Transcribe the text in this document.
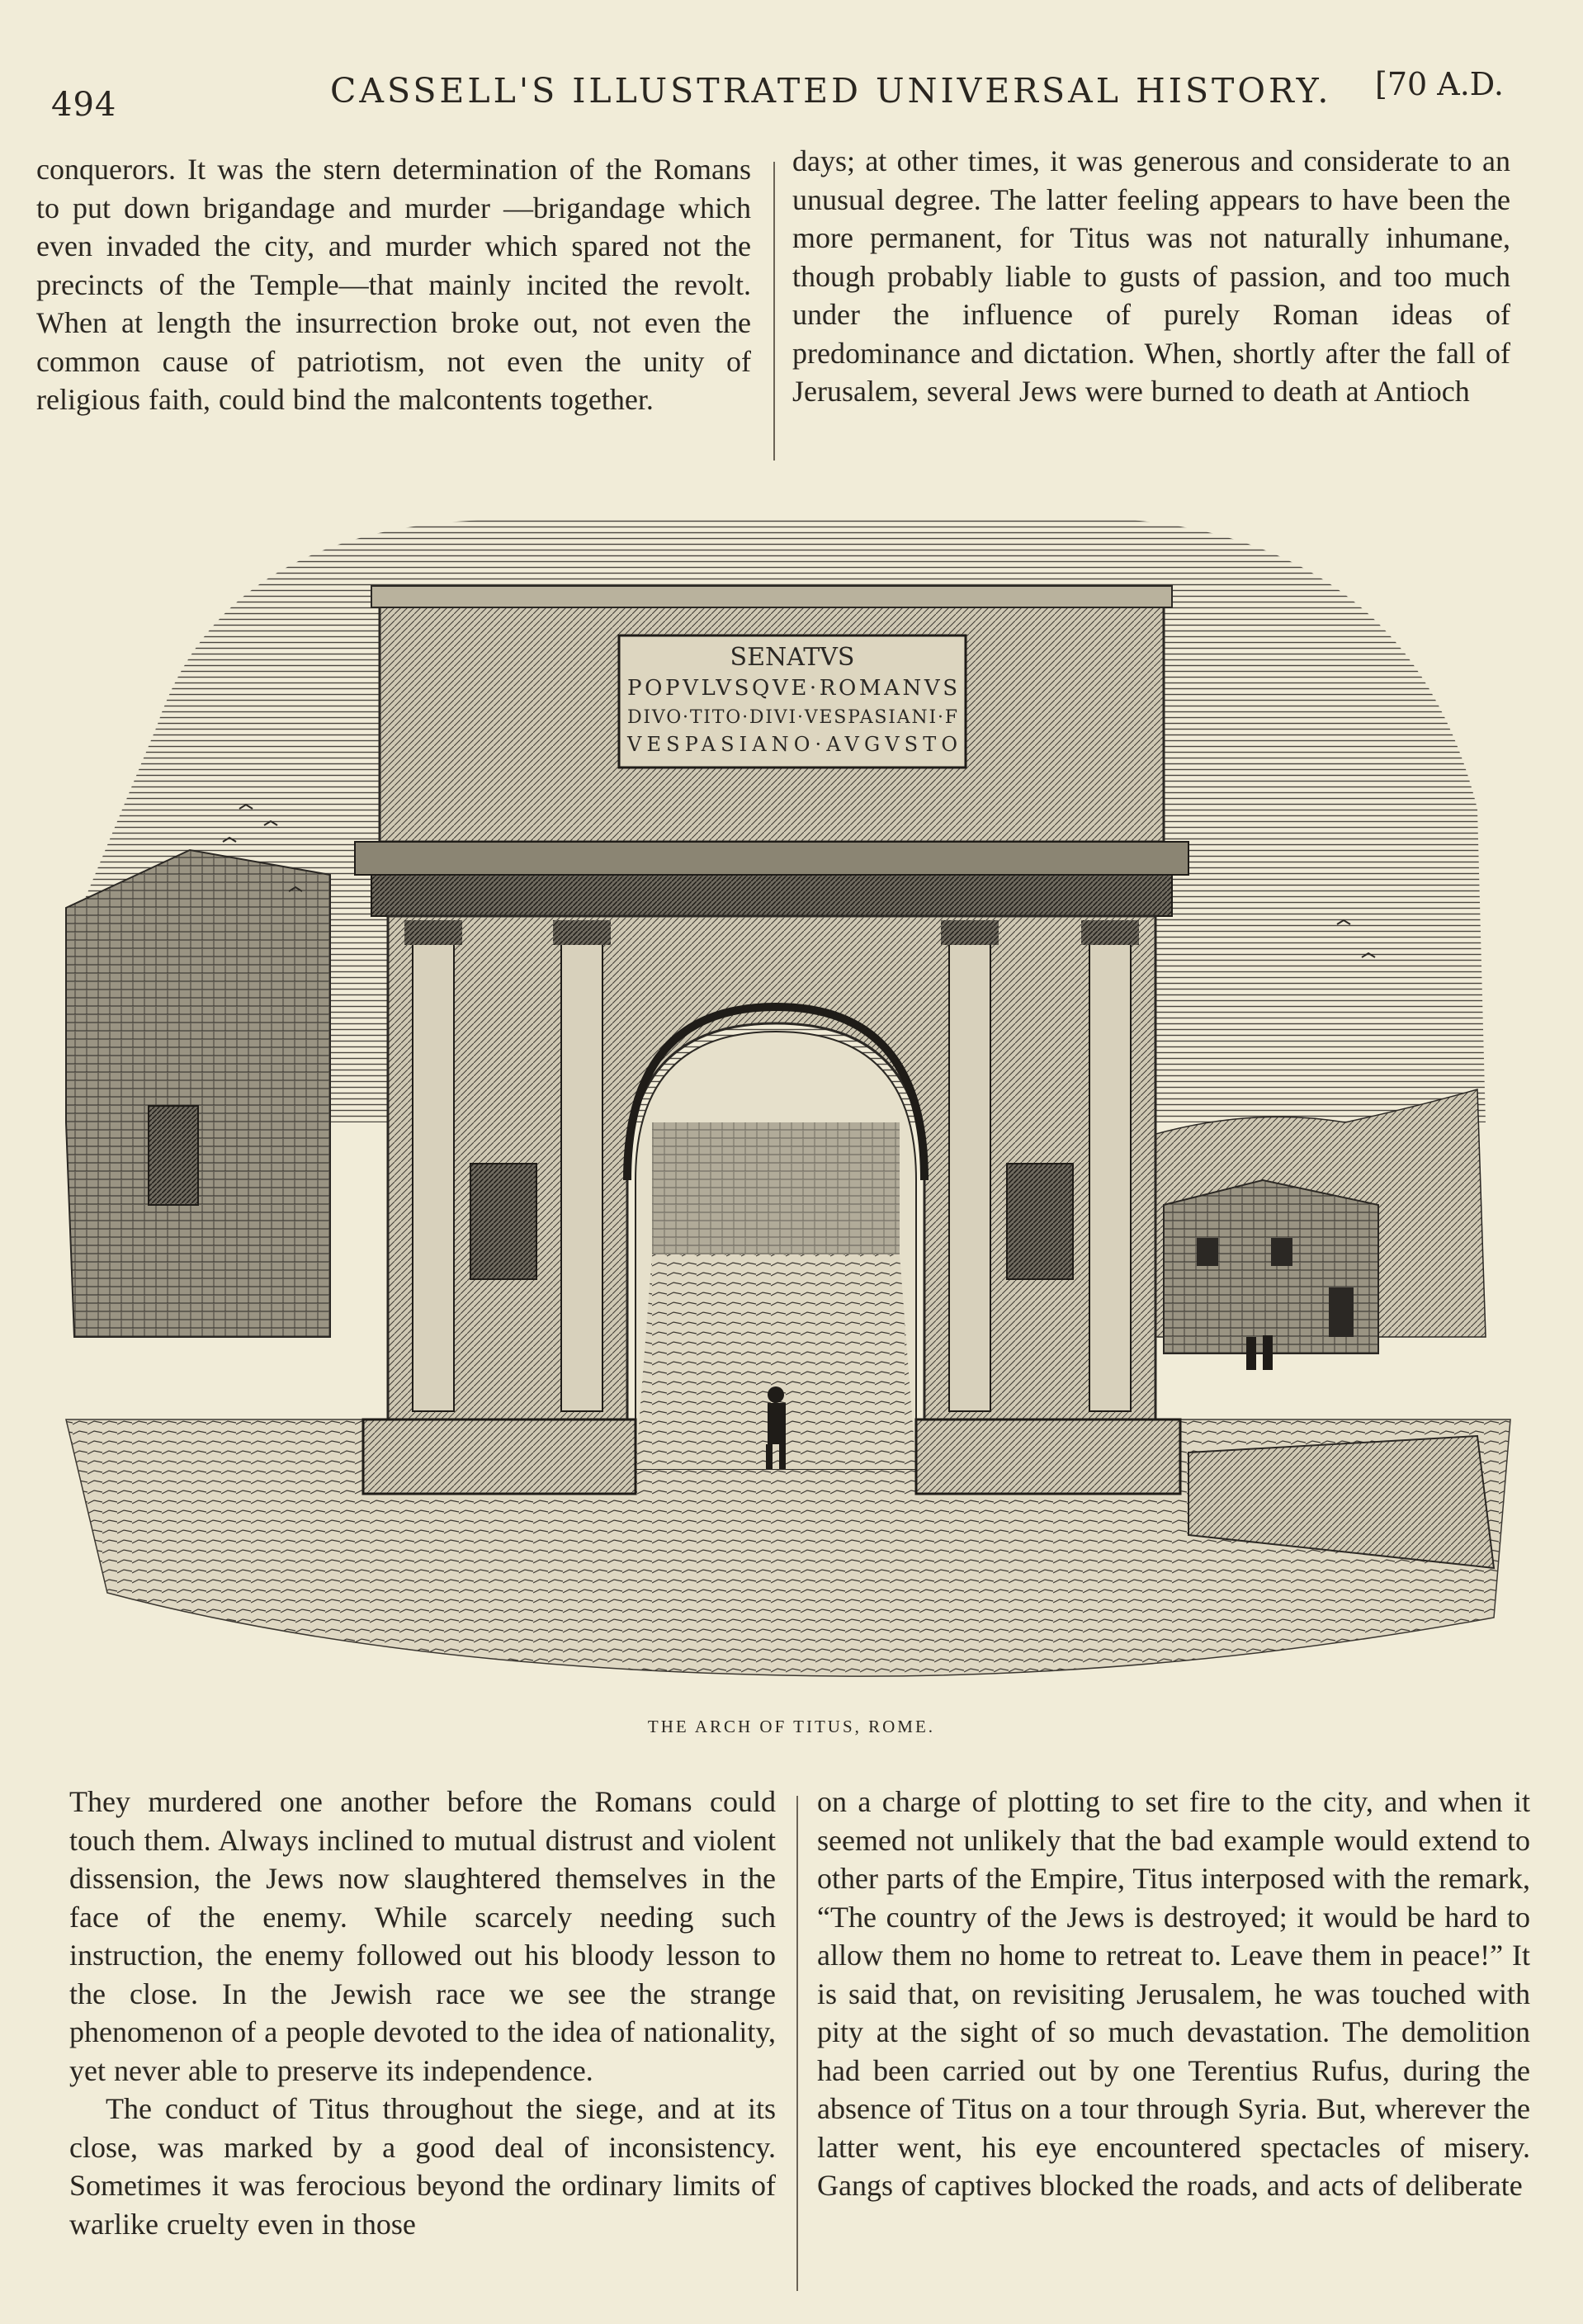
494	CASSELL'S ILLUSTRATED UNIVERSAL HISTORY. [70 A.D.

conquerors. It was the stern determination of the Romans to put down brigandage and murder —brigandage which even invaded the city, and murder which spared not the precincts of the Temple—that mainly incited the revolt. When at length the insurrection broke out, not even the common cause of patriotism, not even the unity of religious faith, could bind the malcontents together.

days; at other times, it was generous and considerate to an unusual degree. The latter feeling appears to have been the more permanent, for Titus was not naturally inhumane, though probably liable to gusts of passion, and too much under the influence of purely Roman ideas of predominance and dictation. When, shortly after the fall of Jerusalem, several Jews were burned to death at Antioch

SENATVS
POPVLVSQVE·ROMANVS
DIVO·TITO·DIVI·VESPASIANI·F
VESPASIANO·AVGVSTO
THE ARCH OF TITUS, ROME.

They murdered one another before the Romans could touch them. Always inclined to mutual distrust and violent dissension, the Jews now slaughtered themselves in the face of the enemy. While scarcely needing such instruction, the enemy followed out his bloody lesson to the close. In the Jewish race we see the strange phenomenon of a people devoted to the idea of nationality, yet never able to preserve its independence.

The conduct of Titus throughout the siege, and at its close, was marked by a good deal of inconsistency. Sometimes it was ferocious beyond the ordinary limits of warlike cruelty even in those

on a charge of plotting to set fire to the city, and when it seemed not unlikely that the bad example would extend to other parts of the Empire, Titus interposed with the remark, “The country of the Jews is destroyed; it would be hard to allow them no home to retreat to. Leave them in peace!” It is said that, on revisiting Jerusalem, he was touched with pity at the sight of so much devastation. The demolition had been carried out by one Terentius Rufus, during the absence of Titus on a tour through Syria. But, wherever the latter went, his eye encountered spectacles of misery. Gangs of captives blocked the roads, and acts of deliberate
